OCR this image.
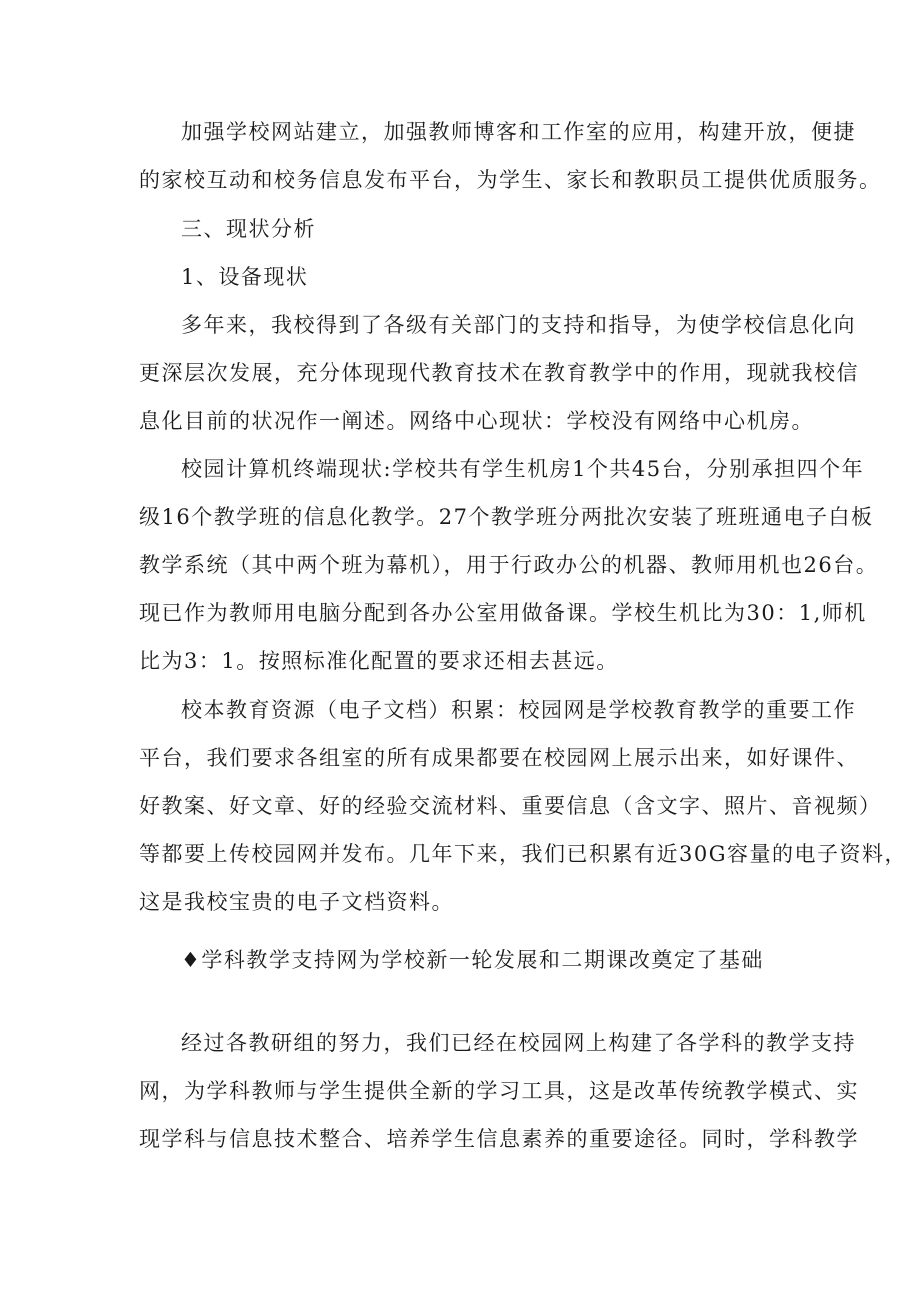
加强学校网站建立，加强教师博客和工作室的应用，构建开放，便捷
的家校互动和校务信息发布平台，为学生、家长和教职员工提供优质服务。
三、现状分析
1、设备现状
多年来，我校得到了各级有关部门的支持和指导，为使学校信息化向
更深层次发展，充分体现现代教育技术在教育教学中的作用，现就我校信
息化目前的状况作一阐述。网络中心现状：学校没有网络中心机房。
校园计算机终端现状:学校共有学生机房1个共45台，分别承担四个年
级16个教学班的信息化教学。27个教学班分两批次安装了班班通电子白板
教学系统（其中两个班为幕机），用于行政办公的机器、教师用机也26台。
现已作为教师用电脑分配到各办公室用做备课。学校生机比为30：1,师机
比为3：1。按照标准化配置的要求还相去甚远。
校本教育资源（电子文档）积累：校园网是学校教育教学的重要工作
平台，我们要求各组室的所有成果都要在校园网上展示出来，如好课件、
好教案、好文章、好的经验交流材料、重要信息（含文字、照片、音视频）
等都要上传校园网并发布。几年下来，我们已积累有近30G容量的电子资料，
这是我校宝贵的电子文档资料。
♦学科教学支持网为学校新一轮发展和二期课改奠定了基础
经过各教研组的努力，我们已经在校园网上构建了各学科的教学支持
网，为学科教师与学生提供全新的学习工具，这是改革传统教学模式、实
现学科与信息技术整合、培养学生信息素养的重要途径。同时，学科教学
